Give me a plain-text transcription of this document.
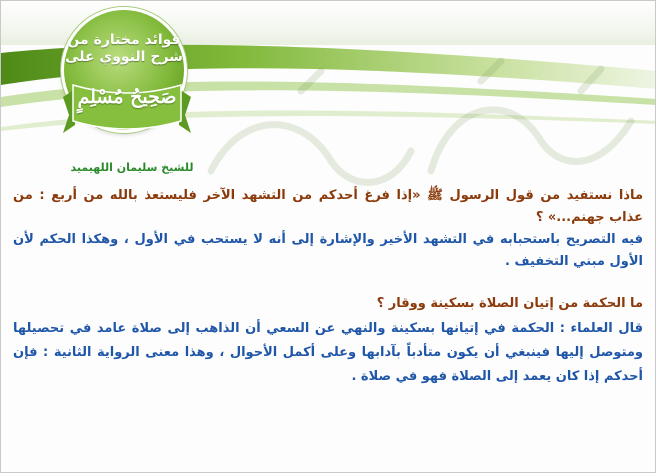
فوائد مختارة من
شرح النووي على
صَحِيحُ مُسْلِمٍ
للشيخ سليمان اللهيميد

ماذا نستفيد من قول الرسول ﷺ «إذا فرغ أحدكم من التشهد الآخر فليستعذ بالله من أربع : من عذاب جهنم...» ؟

فيه التصريح باستحبابه في التشهد الأخير والإشارة إلى أنه لا يستحب في الأول ، وهكذا الحكم لأن الأول مبني التخفيف .

ما الحكمة من إتيان الصلاة بسكينة ووقار ؟

قال العلماء : الحكمة في إتيانها بسكينة والنهي عن السعي أن الذاهب إلى صلاة عامد في تحصيلها ومتوصل إليها فينبغي أن يكون متأدباً بآدابها وعلى أكمل الأحوال ، وهذا معنى الرواية الثانية : فإن أحدكم إذا كان يعمد إلى الصلاة فهو في صلاة .
